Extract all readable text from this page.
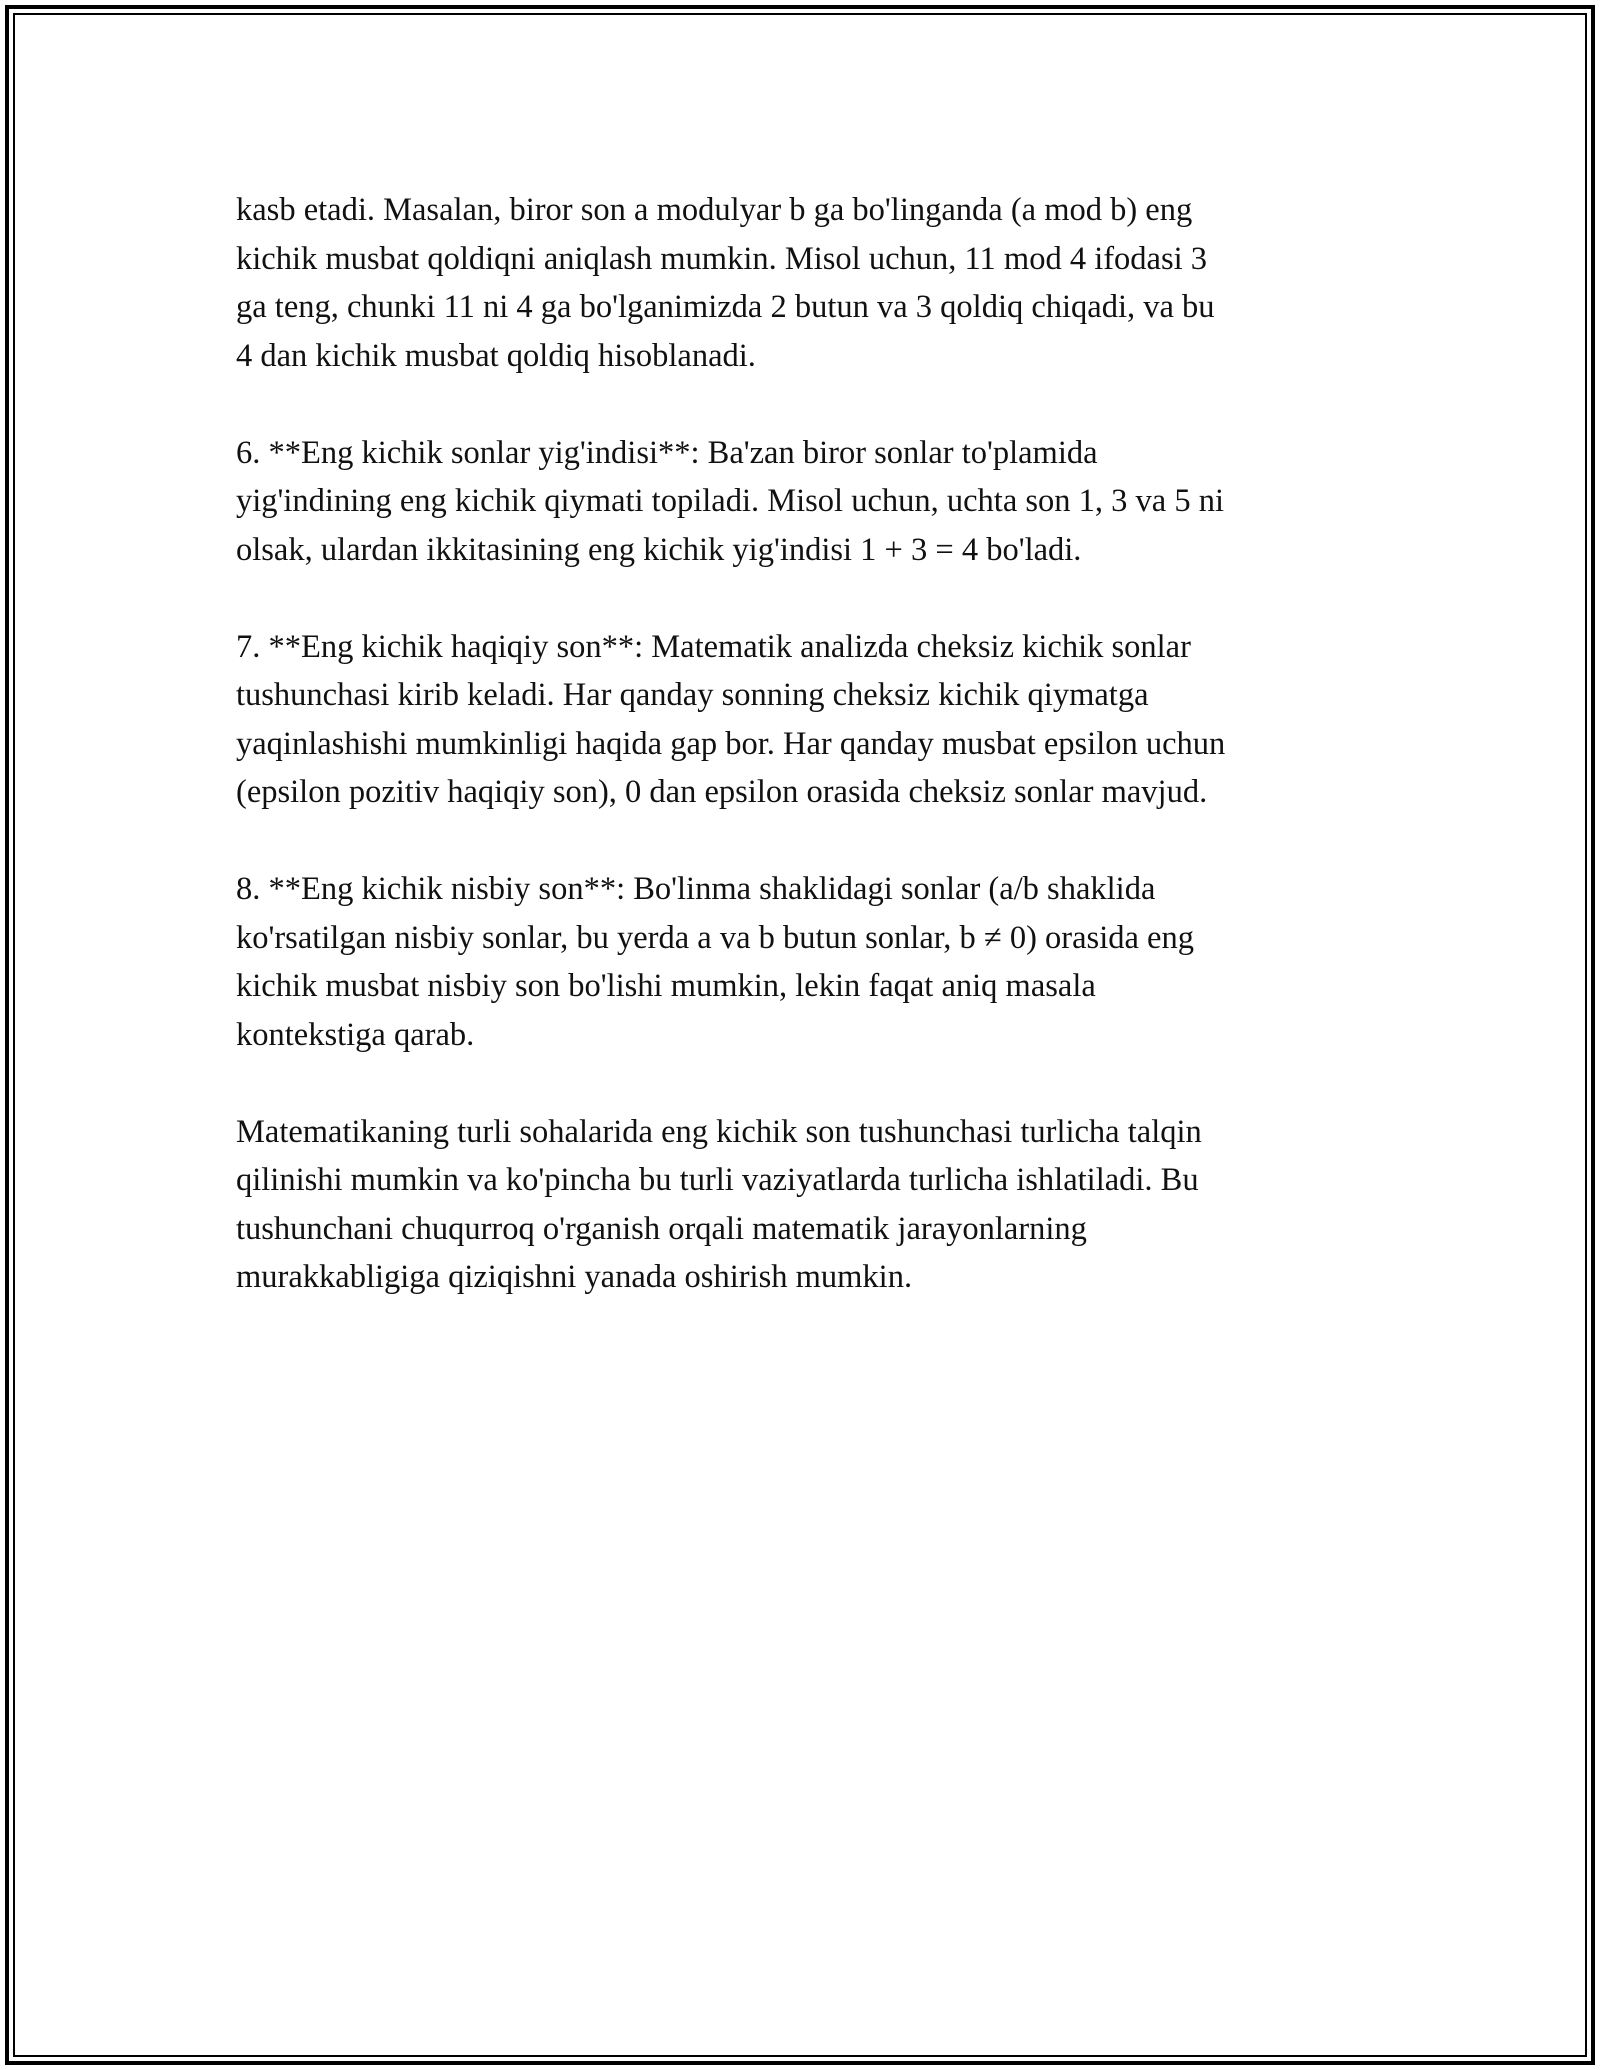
kasb etadi. Masalan, biror son a modulyar b ga bo'linganda (a mod b) eng
kichik musbat qoldiqni aniqlash mumkin. Misol uchun, 11 mod 4 ifodasi 3
ga teng, chunki 11 ni 4 ga bo'lganimizda 2 butun va 3 qoldiq chiqadi, va bu
4 dan kichik musbat qoldiq hisoblanadi.

6. **Eng kichik sonlar yig'indisi**: Ba'zan biror sonlar to'plamida
yig'indining eng kichik qiymati topiladi. Misol uchun, uchta son 1, 3 va 5 ni
olsak, ulardan ikkitasining eng kichik yig'indisi 1 + 3 = 4 bo'ladi.

7. **Eng kichik haqiqiy son**: Matematik analizda cheksiz kichik sonlar
tushunchasi kirib keladi. Har qanday sonning cheksiz kichik qiymatga
yaqinlashishi mumkinligi haqida gap bor. Har qanday musbat epsilon uchun
(epsilon pozitiv haqiqiy son), 0 dan epsilon orasida cheksiz sonlar mavjud.

8. **Eng kichik nisbiy son**: Bo'linma shaklidagi sonlar (a/b shaklida
ko'rsatilgan nisbiy sonlar, bu yerda a va b butun sonlar, b ≠ 0) orasida eng
kichik musbat nisbiy son bo'lishi mumkin, lekin faqat aniq masala
kontekstiga qarab.

Matematikaning turli sohalarida eng kichik son tushunchasi turlicha talqin
qilinishi mumkin va ko'pincha bu turli vaziyatlarda turlicha ishlatiladi. Bu
tushunchani chuqurroq o'rganish orqali matematik jarayonlarning
murakkabligiga qiziqishni yanada oshirish mumkin.
